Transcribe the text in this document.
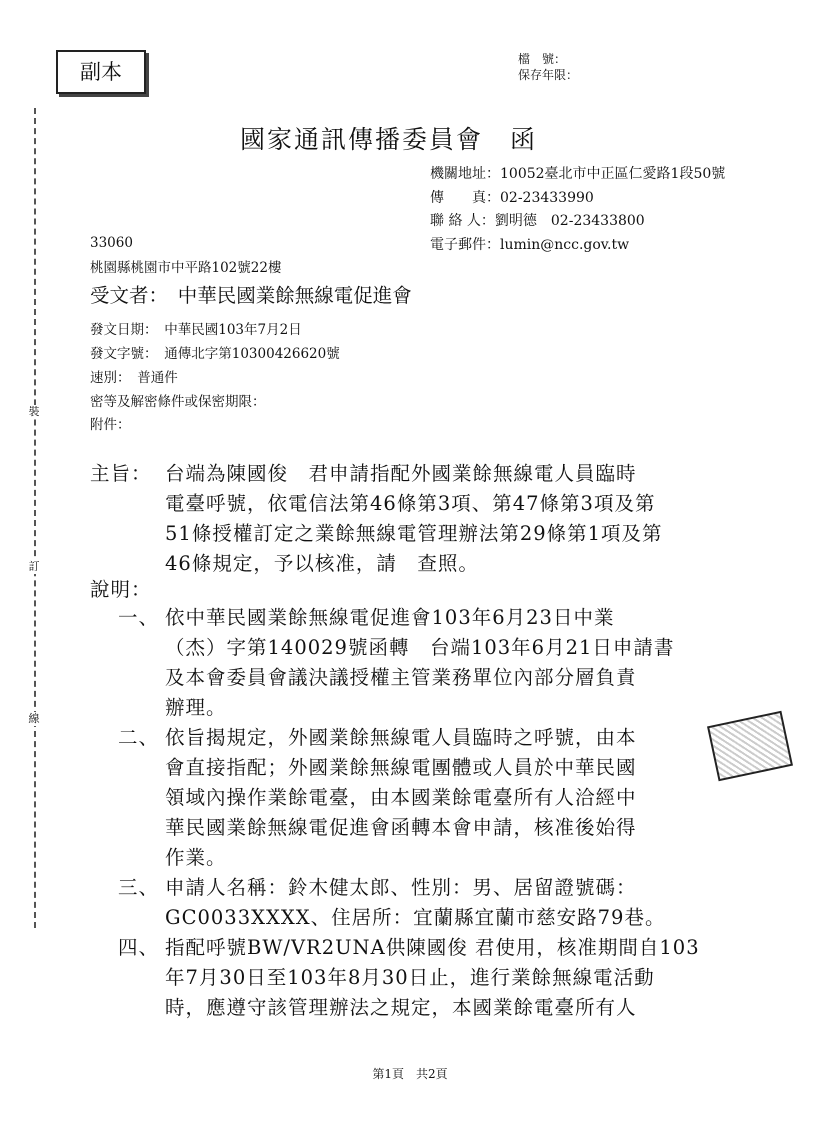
副本
檔　號：
保存年限：
裝
訂
線
國家通訊傳播委員會　函
機關地址：10052臺北市中正區仁愛路1段50號
傳　　真：02-23433990
聯 絡 人：劉明德　02-23433800
電子郵件：lumin@ncc.gov.tw
33060
桃園縣桃園市中平路102號22樓
受文者：　中華民國業餘無線電促進會
發文日期：　中華民國103年7月2日
發文字號：　通傳北字第10300426620號
速別：　普通件
密等及解密條件或保密期限：
附件：
主旨： 台端為陳國俊　君申請指配外國業餘無線電人員臨時
電臺呼號，依電信法第46條第3項、第47條第3項及第
51條授權訂定之業餘無線電管理辦法第29條第1項及第
46條規定，予以核准，請　查照。
說明：
一、 依中華民國業餘無線電促進會103年6月23日中業
（杰）字第140029號函轉　台端103年6月21日申請書
及本會委員會議決議授權主管業務單位內部分層負責
辦理。
二、 依旨揭規定，外國業餘無線電人員臨時之呼號，由本
會直接指配；外國業餘無線電團體或人員於中華民國
領域內操作業餘電臺，由本國業餘電臺所有人洽經中
華民國業餘無線電促進會函轉本會申請，核准後始得
作業。
三、 申請人名稱：鈴木健太郎、性別：男、居留證號碼：
GC0033XXXX、住居所：宜蘭縣宜蘭市慈安路79巷。
四、 指配呼號BW/VR2UNA供陳國俊 君使用，核准期間自103
年7月30日至103年8月30日止，進行業餘無線電活動
時，應遵守該管理辦法之規定，本國業餘電臺所有人
第1頁　共2頁
